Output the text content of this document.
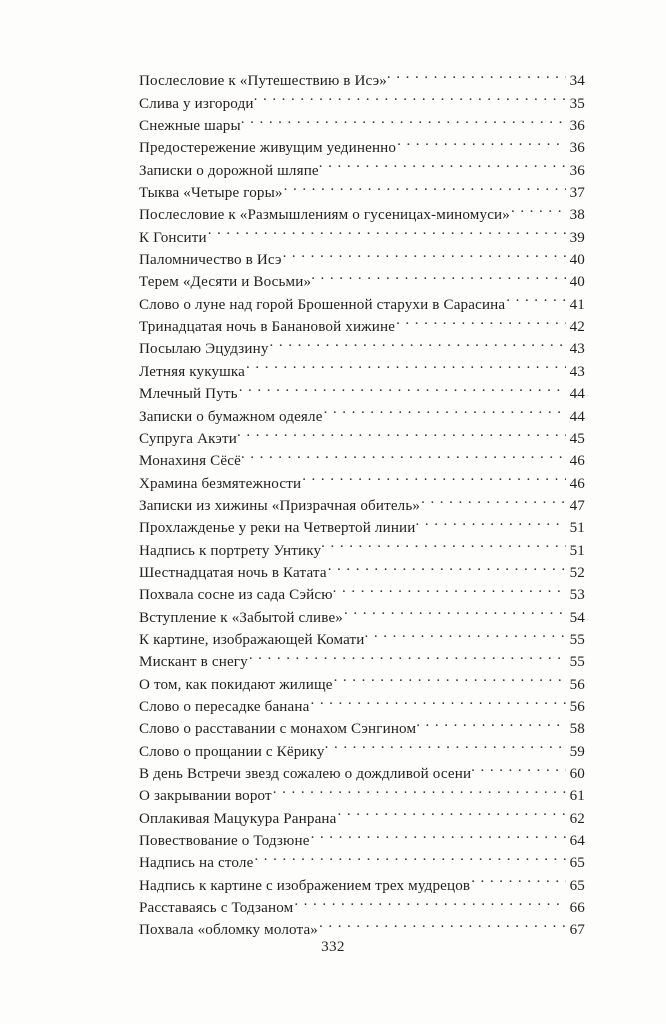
Послесловие к «Путешествию в Исэ» . . .	34
Слива у изгороди . . .	35
Снежные шары . . .	36
Предостережение живущим уединенно . . .	36
Записки о дорожной шляпе . . .	36
Тыква «Четыре горы» . . .	37
Послесловие к «Размышлениям о гусеницах-миномуси» . . .	38
К Гонсити . . .	39
Паломничество в Исэ . . .	40
Терем «Десяти и Восьми» . . .	40
Слово о луне над горой Брошенной старухи в Сарасина . . .	41
Тринадцатая ночь в Банановой хижине . . .	42
Посылаю Эцудзину . . .	43
Летняя кукушка . . .	43
Млечный Путь . . .	44
Записки о бумажном одеяле . . .	44
Супруга Акэти . . .	45
Монахиня Сёсё . . .	46
Храмина безмятежности . . .	46
Записки из хижины «Призрачная обитель» . . .	47
Прохлажденье у реки на Четвертой линии . . .	51
Надпись к портрету Унтику . . .	51
Шестнадцатая ночь в Катата . . .	52
Похвала сосне из сада Сэйсю . . .	53
Вступление к «Забытой сливе» . . .	54
К картине, изображающей Комати . . .	55
Мискант в снегу . . .	55
О том, как покидают жилище . . .	56
Слово о пересадке банана . . .	56
Слово о расставании с монахом Сэнгином . . .	58
Слово о прощании с Кёрику . . .	59
В день Встречи звезд сожалею о дождливой осени . . .	60
О закрывании ворот . . .	61
Оплакивая Мацукура Ранрана . . .	62
Повествование о Тодзюне . . .	64
Надпись на столе . . .	65
Надпись к картине с изображением трех мудрецов . . .	65
Расставаясь с Тодзаном . . .	66
Похвала «обломку молота» . . .	67
332
